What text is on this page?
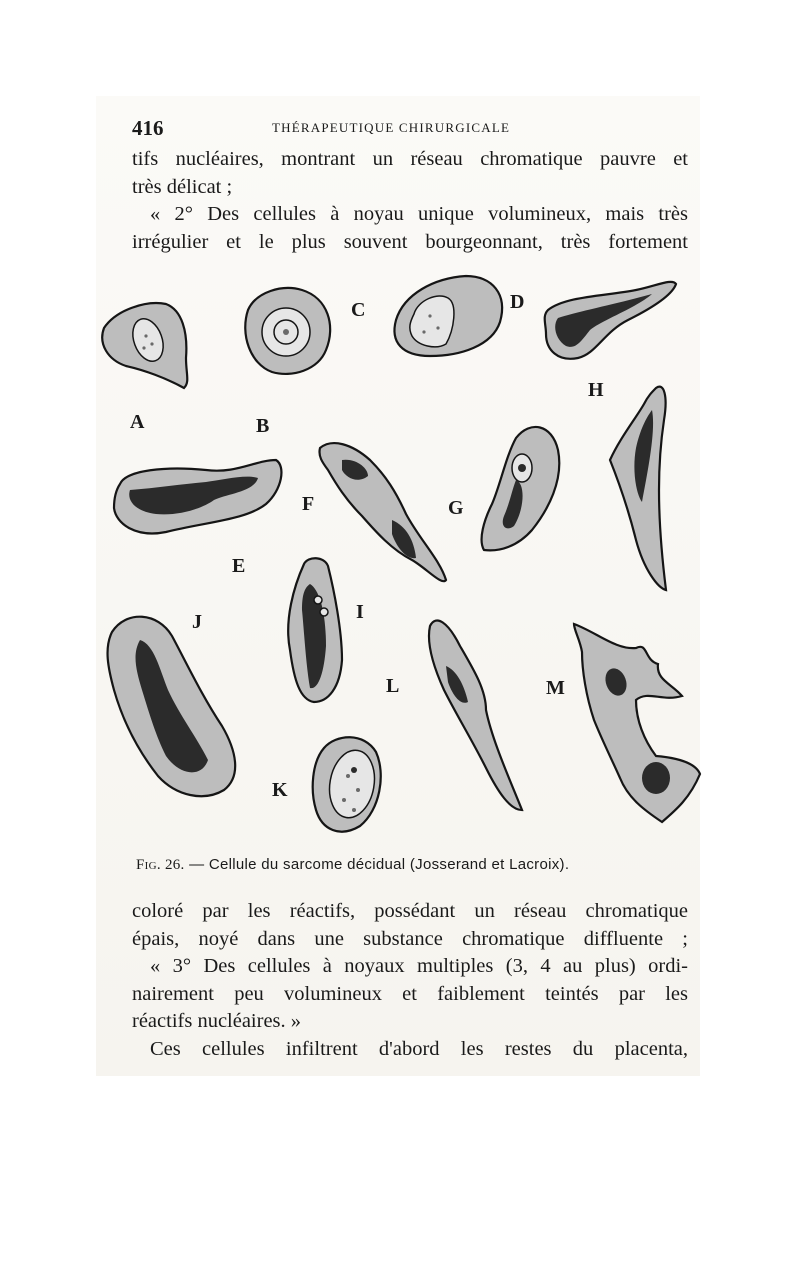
416	THÉRAPEUTIQUE CHIRURGICALE
tifs nucléaires, montrant un réseau chromatique pauvre et
très délicat ;
« 2° Des cellules à noyau unique volumineux, mais très
irrégulier et le plus souvent bourgeonnant, très fortement
C	D
A	B
H
E
F	G
I
J
K
L	M
Fig. 26. — Cellule du sarcome décidual (Josserand et Lacroix).
coloré par les réactifs, possédant un réseau chromatique
épais, noyé dans une substance chromatique diffluente ;
« 3° Des cellules à noyaux multiples (3, 4 au plus) ordi-
nairement peu volumineux et faiblement teintés par les
réactifs nucléaires. »
Ces cellules infiltrent d'abord les restes du placenta,
